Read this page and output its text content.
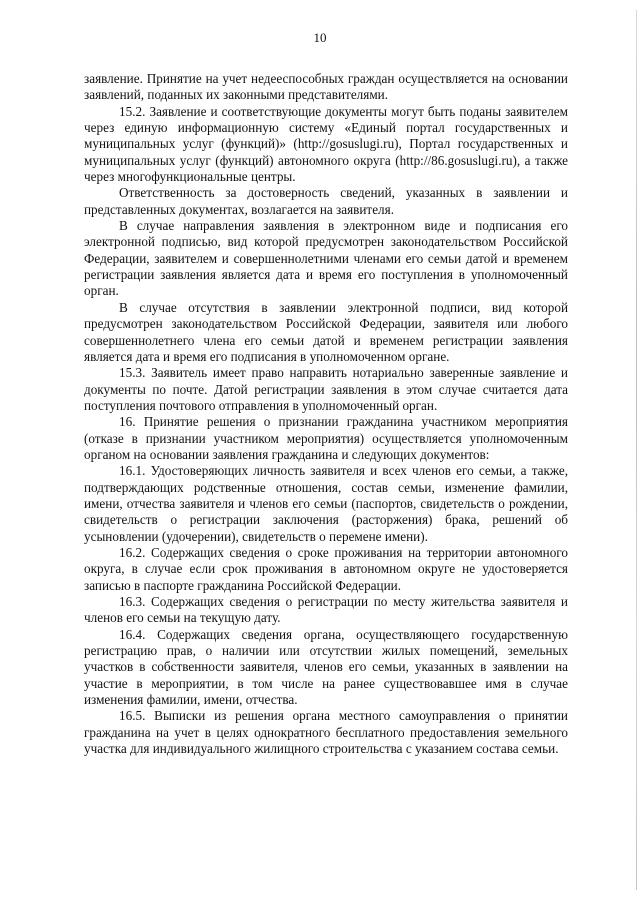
10

заявление. Принятие на учет недееспособных граждан осуществляется на основании заявлений, поданных их законными представителями.

15.2. Заявление и соответствующие документы могут быть поданы заявителем через единую информационную систему «Единый портал государственных и муниципальных услуг (функций)» (http://gosuslugi.ru), Портал государственных и муниципальных услуг (функций) автономного округа (http://86.gosuslugi.ru), а также через многофункциональные центры.

Ответственность за достоверность сведений, указанных в заявлении и представленных документах, возлагается на заявителя.

В случае направления заявления в электронном виде и подписания его электронной подписью, вид которой предусмотрен законодательством Российской Федерации, заявителем и совершеннолетними членами его семьи датой и временем регистрации заявления является дата и время его поступления в уполномоченный орган.

В случае отсутствия в заявлении электронной подписи, вид которой предусмотрен законодательством Российской Федерации, заявителя или любого совершеннолетнего члена его семьи датой и временем регистрации заявления является дата и время его подписания в уполномоченном органе.

15.3. Заявитель имеет право направить нотариально заверенные заявление и документы по почте. Датой регистрации заявления в этом случае считается дата поступления почтового отправления в уполномоченный орган.

16. Принятие решения о признании гражданина участником мероприятия (отказе в признании участником мероприятия) осуществляется уполномоченным органом на основании заявления гражданина и следующих документов:

16.1. Удостоверяющих личность заявителя и всех членов его семьи, а также, подтверждающих родственные отношения, состав семьи, изменение фамилии, имени, отчества заявителя и членов его семьи (паспортов, свидетельств о рождении, свидетельств о регистрации заключения (расторжения) брака, решений об усыновлении (удочерении), свидетельств о перемене имени).

16.2. Содержащих сведения о сроке проживания на территории автономного округа, в случае если срок проживания в автономном округе не удостоверяется записью в паспорте гражданина Российской Федерации.

16.3. Содержащих сведения о регистрации по месту жительства заявителя и членов его семьи на текущую дату.

16.4. Содержащих сведения органа, осуществляющего государственную регистрацию прав, о наличии или отсутствии жилых помещений, земельных участков в собственности заявителя, членов его семьи, указанных в заявлении на участие в мероприятии, в том числе на ранее существовавшее имя в случае изменения фамилии, имени, отчества.

16.5. Выписки из решения органа местного самоуправления о принятии гражданина на учет в целях однократного бесплатного предоставления земельного участка для индивидуального жилищного строительства с указанием состава семьи.
